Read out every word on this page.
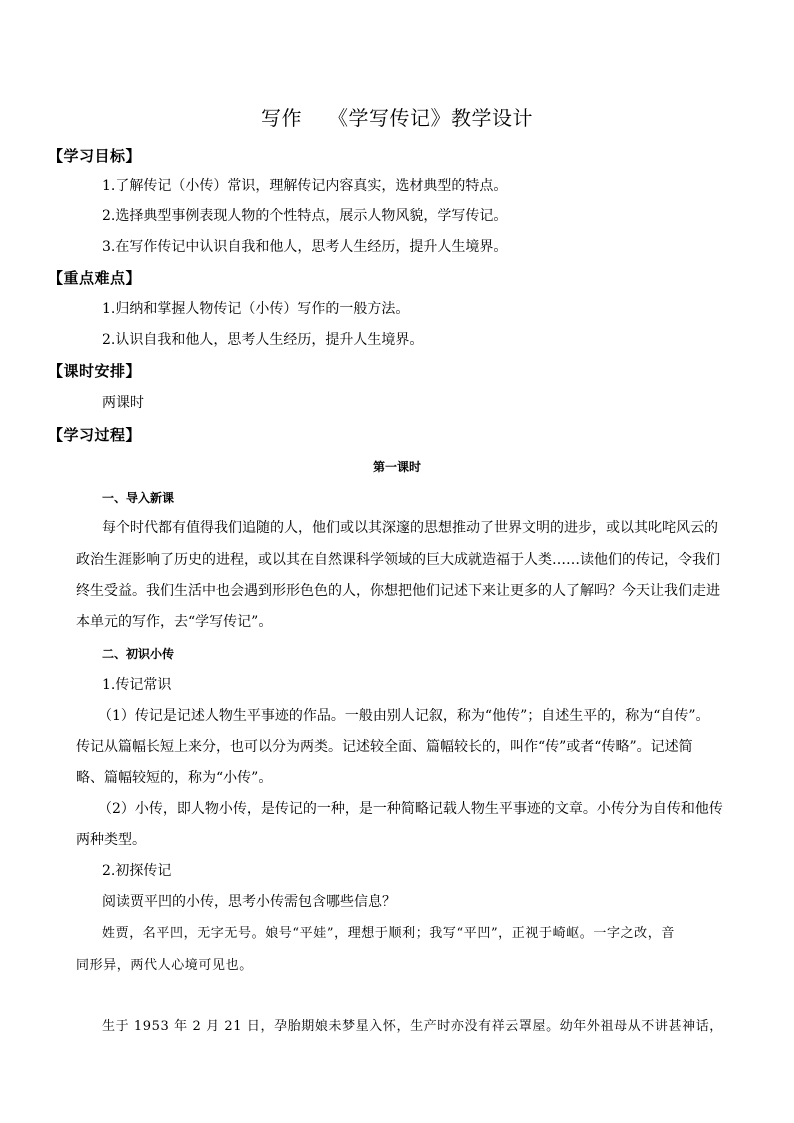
写作 《学写传记》教学设计
【学习目标】
1.了解传记（小传）常识，理解传记内容真实，选材典型的特点。
2.选择典型事例表现人物的个性特点，展示人物风貌，学写传记。
3.在写作传记中认识自我和他人，思考人生经历，提升人生境界。
【重点难点】
1.归纳和掌握人物传记（小传）写作的一般方法。
2.认识自我和他人，思考人生经历，提升人生境界。
【课时安排】
两课时
【学习过程】
第一课时
一、导入新课
每个时代都有值得我们追随的人，他们或以其深邃的思想推动了世界文明的进步，或以其叱咤风云的
政治生涯影响了历史的进程，或以其在自然课科学领域的巨大成就造福于人类……读他们的传记，令我们
终生受益。我们生活中也会遇到形形色色的人，你想把他们记述下来让更多的人了解吗？今天让我们走进
本单元的写作，去“学写传记”。
二、初识小传
1.传记常识
（1）传记是记述人物生平事迹的作品。一般由别人记叙，称为“他传”；自述生平的，称为“自传”。
传记从篇幅长短上来分，也可以分为两类。记述较全面、篇幅较长的，叫作“传”或者“传略”。记述简
略、篇幅较短的，称为“小传”。
（2）小传，即人物小传，是传记的一种，是一种简略记载人物生平事迹的文章。小传分为自传和他传
两种类型。
2.初探传记
阅读贾平凹的小传，思考小传需包含哪些信息？
姓贾，名平凹，无字无号。娘号“平娃”，理想于顺利；我写“平凹”，正视于崎岖。一字之改，音
同形异，两代人心境可见也。
生于 1953 年 2 月 21 日，孕胎期娘未梦星入怀，生产时亦没有祥云罩屋。幼年外祖母从不讲甚神话，
